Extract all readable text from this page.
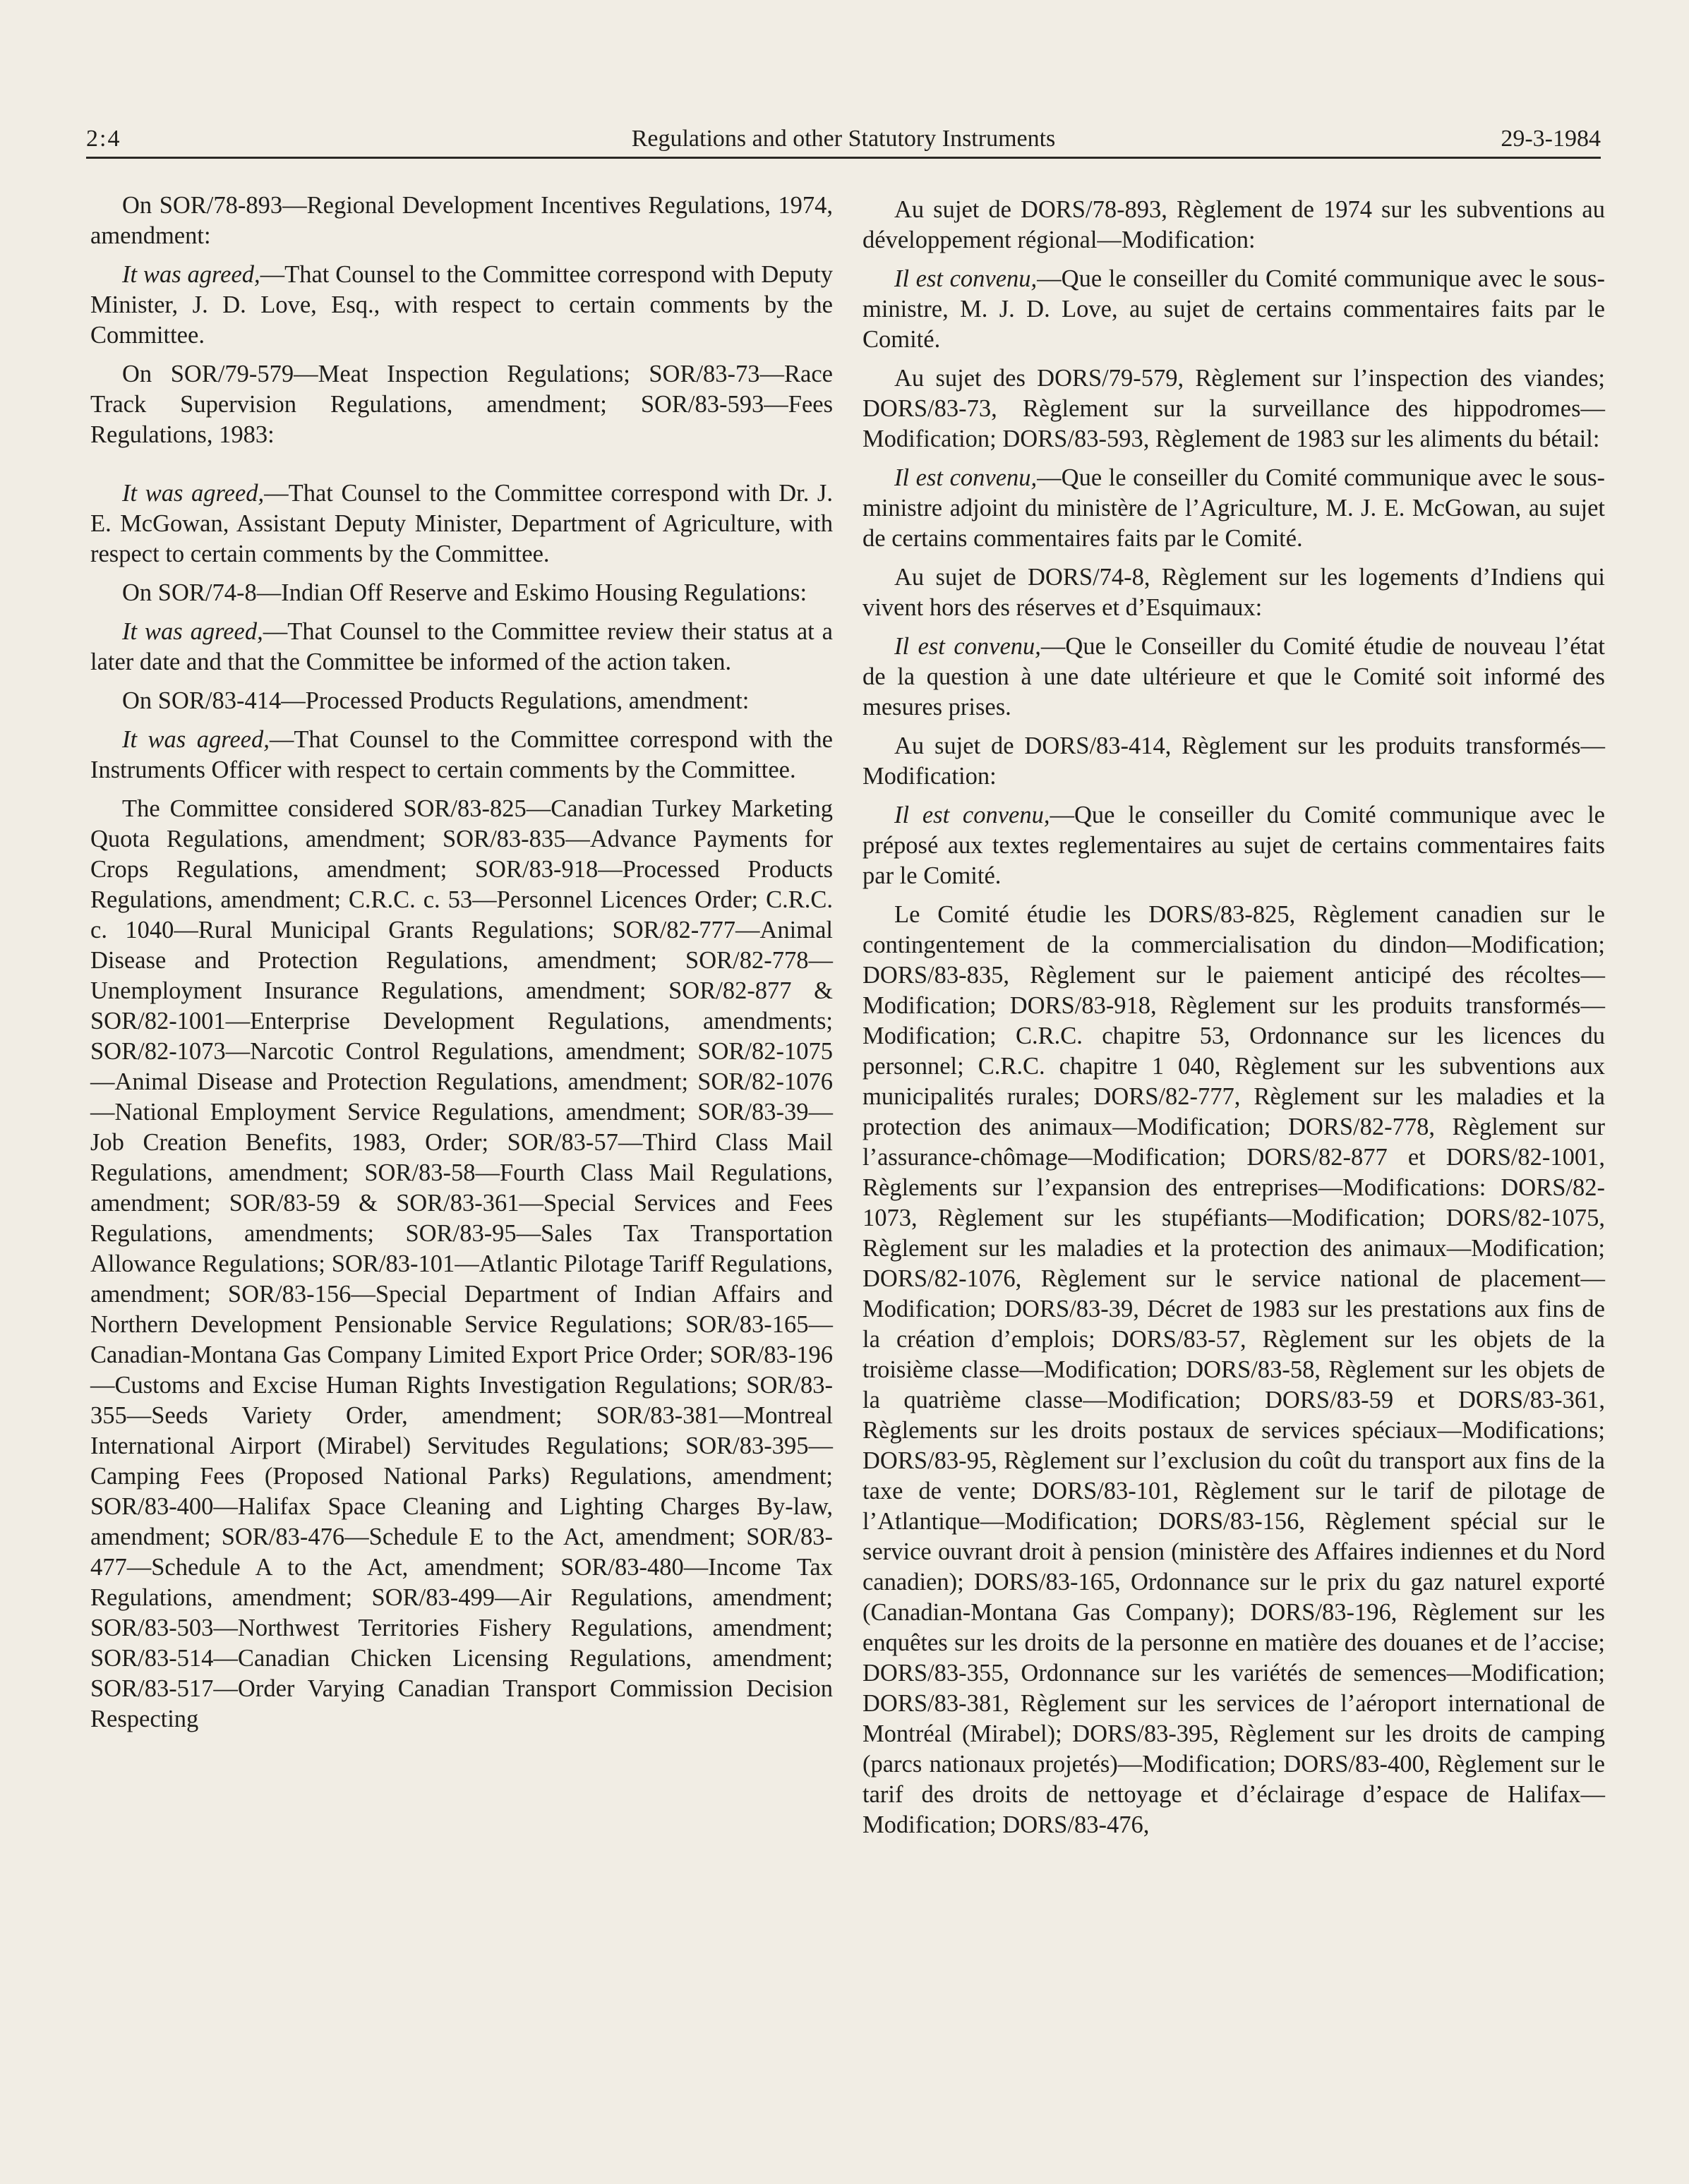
2:4	Regulations and other Statutory Instruments	29-3-1984

On SOR/78-893—Regional Development Incentives Regulations, 1974, amendment:

It was agreed,—That Counsel to the Committee correspond with Deputy Minister, J. D. Love, Esq., with respect to certain comments by the Committee.

On SOR/79-579—Meat Inspection Regulations; SOR/83-73—Race Track Supervision Regulations, amendment; SOR/83-593—Fees Regulations, 1983:

It was agreed,—That Counsel to the Committee correspond with Dr. J. E. McGowan, Assistant Deputy Minister, Department of Agriculture, with respect to certain comments by the Committee.

On SOR/74-8—Indian Off Reserve and Eskimo Housing Regulations:

It was agreed,—That Counsel to the Committee review their status at a later date and that the Committee be informed of the action taken.

On SOR/83-414—Processed Products Regulations, amendment:

It was agreed,—That Counsel to the Committee correspond with the Instruments Officer with respect to certain comments by the Committee.

The Committee considered SOR/83-825—Canadian Turkey Marketing Quota Regulations, amendment; SOR/83-835—Advance Payments for Crops Regulations, amendment; SOR/83-918—Processed Products Regulations, amendment; C.R.C. c. 53—Personnel Licences Order; C.R.C. c. 1040—Rural Municipal Grants Regulations; SOR/82-777—Animal Disease and Protection Regulations, amendment; SOR/82-778—Unemployment Insurance Regulations, amendment; SOR/82-877 & SOR/82-1001—Enterprise Development Regulations, amendments; SOR/82-1073—Narcotic Control Regulations, amendment; SOR/82-1075—Animal Disease and Protection Regulations, amendment; SOR/82-1076—National Employment Service Regulations, amendment; SOR/83-39—Job Creation Benefits, 1983, Order; SOR/83-57—Third Class Mail Regulations, amendment; SOR/83-58—Fourth Class Mail Regulations, amendment; SOR/83-59 & SOR/83-361—Special Services and Fees Regulations, amendments; SOR/83-95—Sales Tax Transportation Allowance Regulations; SOR/83-101—Atlantic Pilotage Tariff Regulations, amendment; SOR/83-156—Special Department of Indian Affairs and Northern Development Pensionable Service Regulations; SOR/83-165—Canadian-Montana Gas Company Limited Export Price Order; SOR/83-196—Customs and Excise Human Rights Investigation Regulations; SOR/83-355—Seeds Variety Order, amendment; SOR/83-381—Montreal International Airport (Mirabel) Servitudes Regulations; SOR/83-395—Camping Fees (Proposed National Parks) Regulations, amendment; SOR/83-400—Halifax Space Cleaning and Lighting Charges By-law, amendment; SOR/83-476—Schedule E to the Act, amendment; SOR/83-477—Schedule A to the Act, amendment; SOR/83-480—Income Tax Regulations, amendment; SOR/83-499—Air Regulations, amendment; SOR/83-503—Northwest Territories Fishery Regulations, amendment; SOR/83-514—Canadian Chicken Licensing Regulations, amendment; SOR/83-517—Order Varying Canadian Transport Commission Decision Respecting

Au sujet de DORS/78-893, Règlement de 1974 sur les subventions au développement régional—Modification:

Il est convenu,—Que le conseiller du Comité communique avec le sous-ministre, M. J. D. Love, au sujet de certains commentaires faits par le Comité.

Au sujet des DORS/79-579, Règlement sur l’inspection des viandes; DORS/83-73, Règlement sur la surveillance des hippodromes—Modification; DORS/83-593, Règlement de 1983 sur les aliments du bétail:

Il est convenu,—Que le conseiller du Comité communique avec le sous-ministre adjoint du ministère de l’Agriculture, M. J. E. McGowan, au sujet de certains commentaires faits par le Comité.

Au sujet de DORS/74-8, Règlement sur les logements d’Indiens qui vivent hors des réserves et d’Esquimaux:

Il est convenu,—Que le Conseiller du Comité étudie de nouveau l’état de la question à une date ultérieure et que le Comité soit informé des mesures prises.

Au sujet de DORS/83-414, Règlement sur les produits transformés—Modification:

Il est convenu,—Que le conseiller du Comité communique avec le préposé aux textes reglementaires au sujet de certains commentaires faits par le Comité.

Le Comité étudie les DORS/83-825, Règlement canadien sur le contingentement de la commercialisation du dindon—Modification; DORS/83-835, Règlement sur le paiement anticipé des récoltes—Modification; DORS/83-918, Règlement sur les produits transformés—Modification; C.R.C. chapitre 53, Ordonnance sur les licences du personnel; C.R.C. chapitre 1 040, Règlement sur les subventions aux municipalités rurales; DORS/82-777, Règlement sur les maladies et la protection des animaux—Modification; DORS/82-778, Règlement sur l’assurance-chômage—Modification; DORS/82-877 et DORS/82-1001, Règlements sur l’expansion des entreprises—Modifications: DORS/82-1073, Règlement sur les stupéfiants—Modification; DORS/82-1075, Règlement sur les maladies et la protection des animaux—Modification; DORS/82-1076, Règlement sur le service national de placement—Modification; DORS/83-39, Décret de 1983 sur les prestations aux fins de la création d’emplois; DORS/83-57, Règlement sur les objets de la troisième classe—Modification; DORS/83-58, Règlement sur les objets de la quatrième classe—Modification; DORS/83-59 et DORS/83-361, Règlements sur les droits postaux de services spéciaux—Modifications; DORS/83-95, Règlement sur l’exclusion du coût du transport aux fins de la taxe de vente; DORS/83-101, Règlement sur le tarif de pilotage de l’Atlantique—Modification; DORS/83-156, Règlement spécial sur le service ouvrant droit à pension (ministère des Affaires indiennes et du Nord canadien); DORS/83-165, Ordonnance sur le prix du gaz naturel exporté (Canadian-Montana Gas Company); DORS/83-196, Règlement sur les enquêtes sur les droits de la personne en matière des douanes et de l’accise; DORS/83-355, Ordonnance sur les variétés de semences—Modification; DORS/83-381, Règlement sur les services de l’aéroport international de Montréal (Mirabel); DORS/83-395, Règlement sur les droits de camping (parcs nationaux projetés)—Modification; DORS/83-400, Règlement sur le tarif des droits de nettoyage et d’éclairage d’espace de Halifax—Modification; DORS/83-476,
